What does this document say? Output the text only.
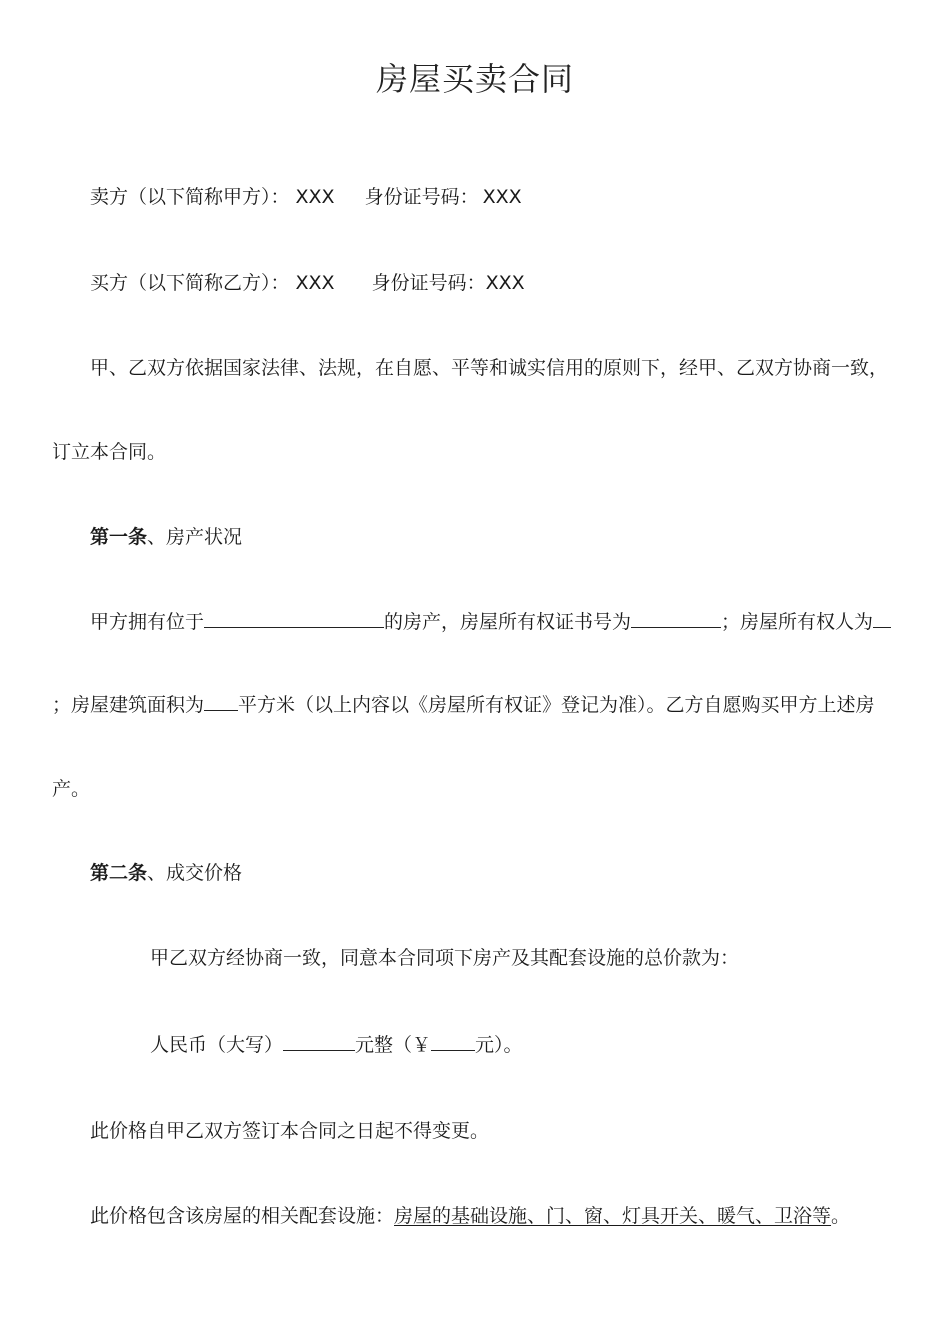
房屋买卖合同
卖方（以下简称甲方）： XXX 身份证号码： XXX
买方（以下简称乙方）： XXX 身份证号码：XXX
甲、乙双方依据国家法律、法规，在自愿、平等和诚实信用的原则下，经甲、乙双方协商一致，
订立本合同。
第一条、房产状况
甲方拥有位于	的房产，房屋所有权证书号为	；房屋所有权人为
；房屋建筑面积为 平方米（以上内容以《房屋所有权证》登记为准）。乙方自愿购买甲方上述房
产。
第二条、成交价格
甲乙双方经协商一致，同意本合同项下房产及其配套设施的总价款为：
人民币（大写）	元整（￥ 元）。
此价格自甲乙双方签订本合同之日起不得变更。
此价格包含该房屋的相关配套设施：房屋的基础设施、门、窗、灯具开关、暖气、卫浴等。
